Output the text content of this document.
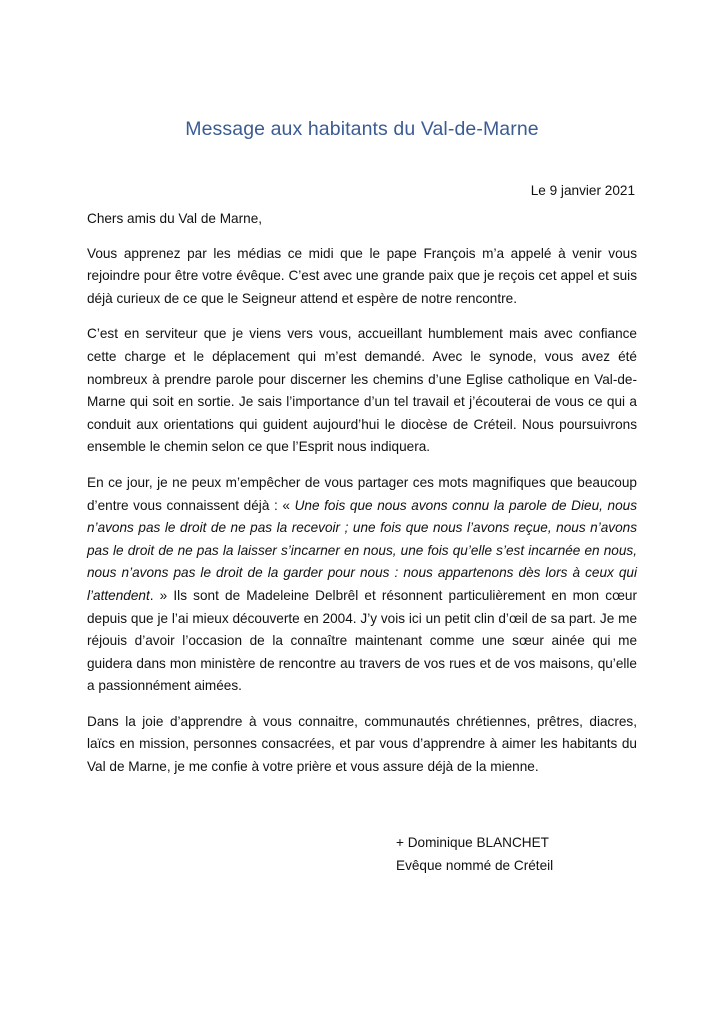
Message aux habitants du Val-de-Marne
Le 9 janvier 2021

Chers amis du Val de Marne,

Vous apprenez par les médias ce midi que le pape François m’a appelé à venir vous rejoindre pour être votre évêque. C’est avec une grande paix que je reçois cet appel et suis déjà curieux de ce que le Seigneur attend et espère de notre rencontre.

C’est en serviteur que je viens vers vous, accueillant humblement mais avec confiance cette charge et le déplacement qui m’est demandé. Avec le synode, vous avez été nombreux à prendre parole pour discerner les chemins d’une Eglise catholique en Val-de-Marne qui soit en sortie. Je sais l’importance d’un tel travail et j’écouterai de vous ce qui a conduit aux orientations qui guident aujourd’hui le diocèse de Créteil. Nous poursuivrons ensemble le chemin selon ce que l’Esprit nous indiquera.

En ce jour, je ne peux m’empêcher de vous partager ces mots magnifiques que beaucoup d’entre vous connaissent déjà : « Une fois que nous avons connu la parole de Dieu, nous n’avons pas le droit de ne pas la recevoir ; une fois que nous l’avons reçue, nous n’avons pas le droit de ne pas la laisser s’incarner en nous, une fois qu’elle s’est incarnée en nous, nous n’avons pas le droit de la garder pour nous : nous appartenons dès lors à ceux qui l’attendent. » Ils sont de Madeleine Delbrêl et résonnent particulièrement en mon cœur depuis que je l’ai mieux découverte en 2004. J’y vois ici un petit clin d’œil de sa part. Je me réjouis d’avoir l’occasion de la connaître maintenant comme une sœur ainée qui me guidera dans mon ministère de rencontre au travers de vos rues et de vos maisons, qu’elle a passionnément aimées.

Dans la joie d’apprendre à vous connaitre, communautés chrétiennes, prêtres, diacres, laïcs en mission, personnes consacrées, et par vous d’apprendre à aimer les habitants du Val de Marne, je me confie à votre prière et vous assure déjà de la mienne.

+ Dominique BLANCHET
Evêque nommé de Créteil
